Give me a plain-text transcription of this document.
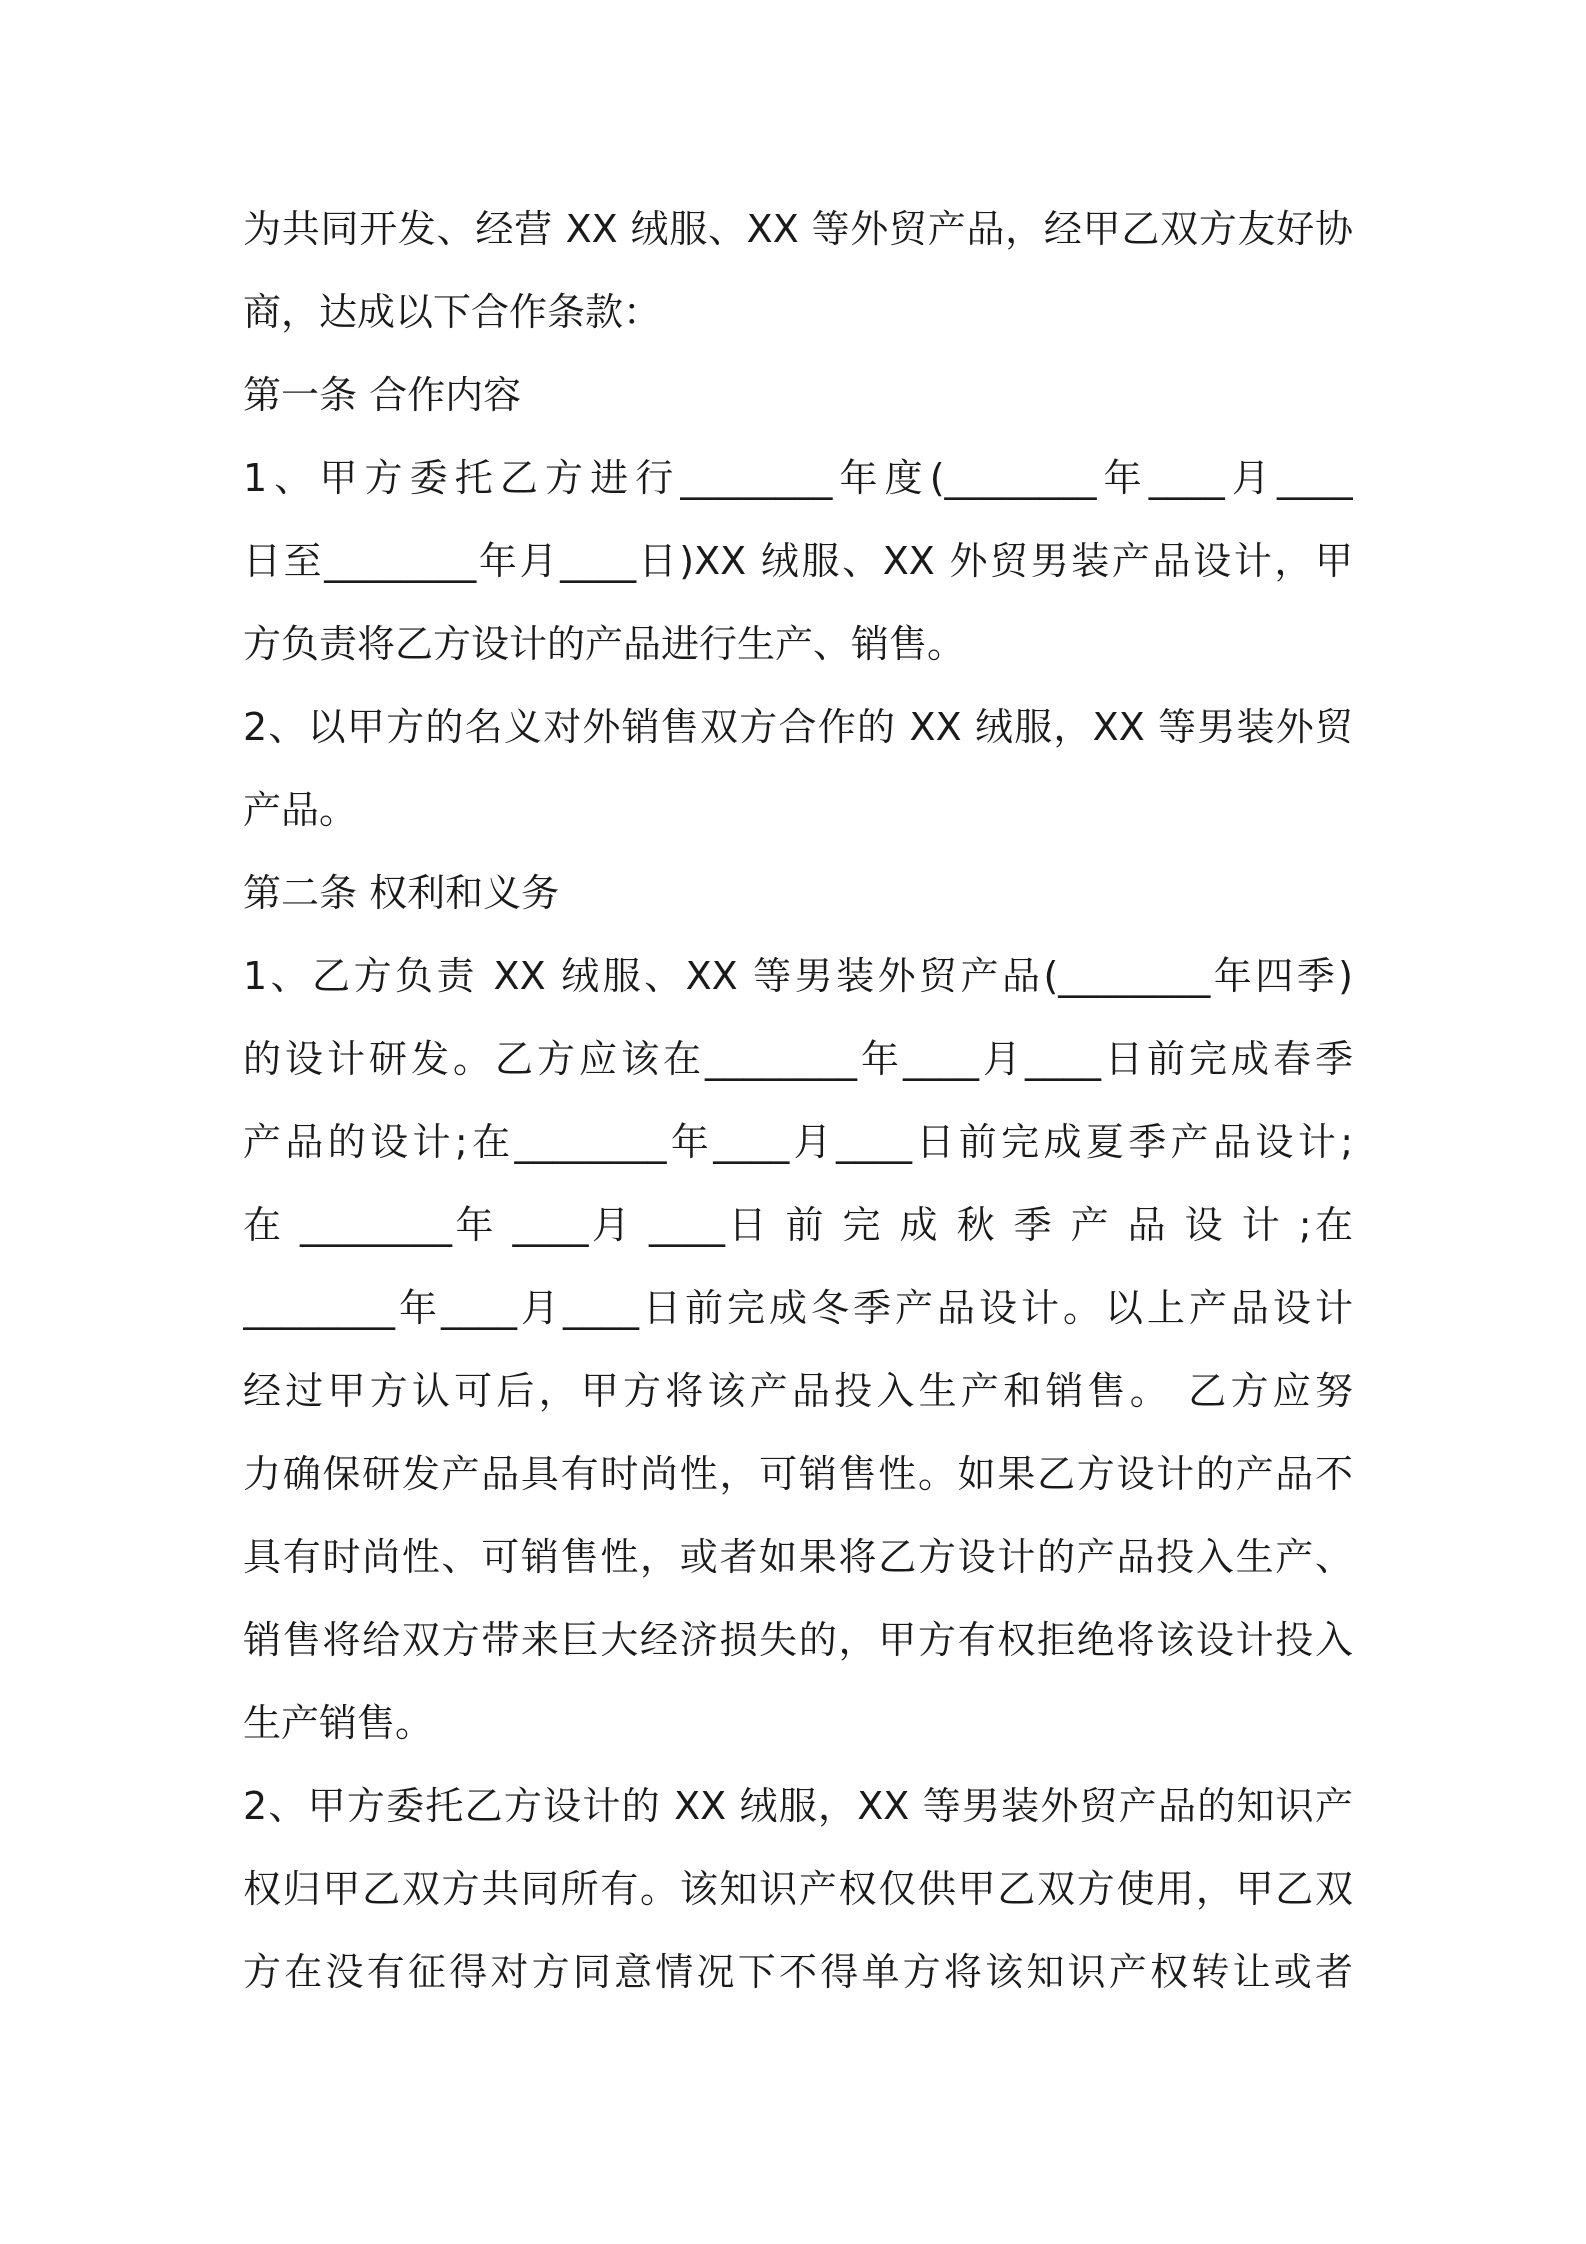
为共同开发、经营 XX 绒服、XX 等外贸产品，经甲乙双方友好协
商，达成以下合作条款：
第一条 合作内容
1、甲方委托乙方进行________年度(________年____月____
日至________年月____日)XX 绒服、XX 外贸男装产品设计，甲
方负责将乙方设计的产品进行生产、销售。
2、以甲方的名义对外销售双方合作的 XX 绒服，XX 等男装外贸
产品。
第二条 权利和义务
1、乙方负责 XX 绒服、XX 等男装外贸产品(________年四季)
的设计研发。乙方应该在________年____月____日前完成春季
产品的设计;在________年____月____日前完成夏季产品设计;
在 ________年 ____月 ____日 前 完 成 秋 季 产 品 设 计 ;在
________年____月____日前完成冬季产品设计。以上产品设计
经过甲方认可后，甲方将该产品投入生产和销售。 乙方应努
力确保研发产品具有时尚性，可销售性。如果乙方设计的产品不
具有时尚性、可销售性，或者如果将乙方设计的产品投入生产、
销售将给双方带来巨大经济损失的，甲方有权拒绝将该设计投入
生产销售。
2、甲方委托乙方设计的 XX 绒服，XX 等男装外贸产品的知识产
权归甲乙双方共同所有。该知识产权仅供甲乙双方使用，甲乙双
方在没有征得对方同意情况下不得单方将该知识产权转让或者
